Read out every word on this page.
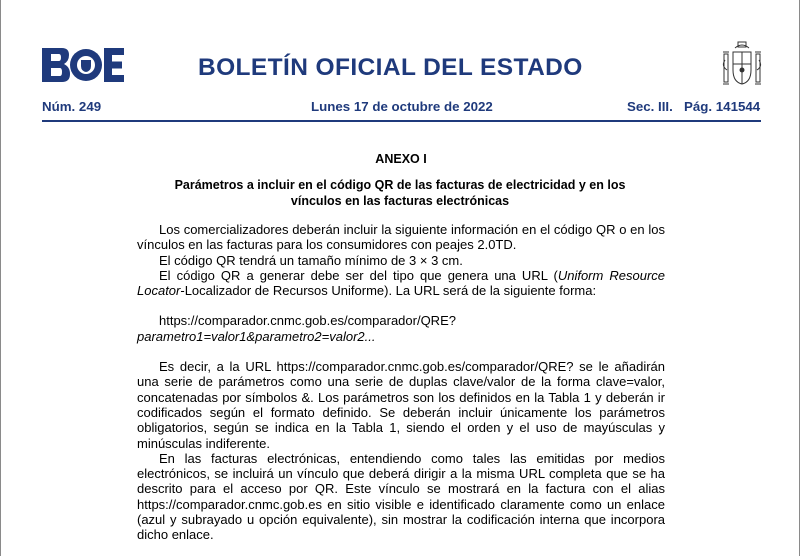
BOLETÍN OFICIAL DEL ESTADO
Núm. 249	Lunes 17 de octubre de 2022	Sec. III. Pág. 141544
ANEXO I
Parámetros a incluir en el código QR de las facturas de electricidad y en los
vínculos en las facturas electrónicas

Los comercializadores deberán incluir la siguiente información en el código QR o en los vínculos en las facturas para los consumidores con peajes 2.0TD.

El código QR tendrá un tamaño mínimo de 3 × 3 cm.

El código QR a generar debe ser del tipo que genera una URL (Uniform Resource Locator-Localizador de Recursos Uniforme). La URL será de la siguiente forma:

https://comparador.cnmc.gob.es/comparador/QRE?

parametro1=valor1&parametro2=valor2...

Es decir, a la URL https://comparador.cnmc.gob.es/comparador/QRE? se le añadirán una serie de parámetros como una serie de duplas clave/valor de la forma clave=valor, concatenadas por símbolos &. Los parámetros son los definidos en la Tabla 1 y deberán ir codificados según el formato definido. Se deberán incluir únicamente los parámetros obligatorios, según se indica en la Tabla 1, siendo el orden y el uso de mayúsculas y minúsculas indiferente.

En las facturas electrónicas, entendiendo como tales las emitidas por medios electrónicos, se incluirá un vínculo que deberá dirigir a la misma URL completa que se ha descrito para el acceso por QR. Este vínculo se mostrará en la factura con el alias https://comparador.cnmc.gob.es en sitio visible e identificado claramente como un enlace (azul y subrayado u opción equivalente), sin mostrar la codificación interna que incorpora dicho enlace.
